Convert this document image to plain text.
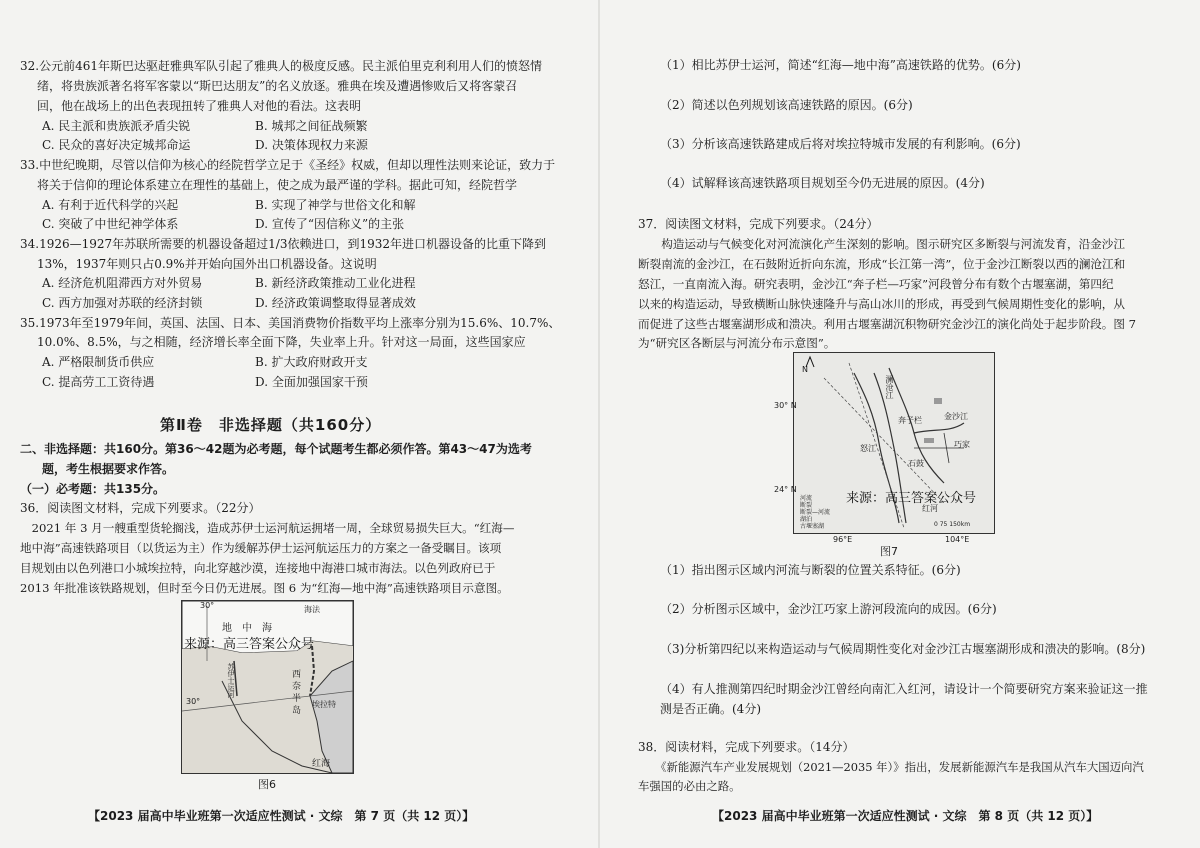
32.公元前461年斯巴达驱赶雅典军队引起了雅典人的极度反感。民主派伯里克利利用人们的愤怒情
绪，将贵族派著名将军客蒙以“斯巴达朋友”的名义放逐。雅典在埃及遭遇惨败后又将客蒙召
回，他在战场上的出色表现扭转了雅典人对他的看法。这表明
A. 民主派和贵族派矛盾尖锐	B. 城邦之间征战频繁
C. 民众的喜好决定城邦命运	D. 决策体现权力来源
33.中世纪晚期，尽管以信仰为核心的经院哲学立足于《圣经》权威，但却以理性法则来论证，致力于
将关于信仰的理论体系建立在理性的基础上，使之成为最严谨的学科。据此可知，经院哲学
A. 有利于近代科学的兴起	B. 实现了神学与世俗文化和解
C. 突破了中世纪神学体系	D. 宣传了“因信称义”的主张
34.1926—1927年苏联所需要的机器设备超过1/3依赖进口，到1932年进口机器设备的比重下降到
13%，1937年则只占0.9%并开始向国外出口机器设备。这说明
A. 经济危机阻滞西方对外贸易	B. 新经济政策推动工业化进程
C. 西方加强对苏联的经济封锁	D. 经济政策调整取得显著成效
35.1973年至1979年间，英国、法国、日本、美国消费物价指数平均上涨率分别为15.6%、10.7%、
10.0%、8.5%，与之相随，经济增长率全面下降，失业率上升。针对这一局面，这些国家应
A. 严格限制货币供应	B. 扩大政府财政开支
C. 提高劳工工资待遇	D. 全面加强国家干预
第Ⅱ卷　非选择题（共160分）
二、非选择题：共160分。第36～42题为必考题，每个试题考生都必须作答。第43～47为选考
题，考生根据要求作答。
（一）必考题：共135分。
36．阅读图文材料，完成下列要求。（22分）
　2021 年 3 月一艘重型货轮搁浅，造成苏伊士运河航运拥堵一周，全球贸易损失巨大。“红海—
地中海”高速铁路项目（以货运为主）作为缓解苏伊士运河航运压力的方案之一备受瞩目。该项
目规划由以色列港口小城埃拉特，向北穿越沙漠，连接地中海港口城市海法。以色列政府已于
2013 年批准该铁路规划，但时至今日仍无进展。图 6 为“红海—地中海”高速铁路项目示意图。
30°
30°
地　中　海
海法
西
奈
半
岛
埃拉特
红海
苏伊士运河
来源：高三答案公众号
图6
【2023 届高中毕业班第一次适应性测试 · 文综　第 7 页（共 12 页）】
（1）相比苏伊士运河，简述“红海—地中海”高速铁路的优势。(6分)
（2）简述以色列规划该高速铁路的原因。(6分)
（3）分析该高速铁路建成后将对埃拉特城市发展的有利影响。(6分)
（4）试解释该高速铁路项目规划至今仍无进展的原因。(4分)
37．阅读图文材料，完成下列要求。（24分）
　　构造运动与气候变化对河流演化产生深刻的影响。图示研究区多断裂与河流发育，沿金沙江
断裂南流的金沙江，在石鼓附近折向东流，形成“长江第一湾”，位于金沙江断裂以西的澜沧江和
怒江，一直南流入海。研究表明，金沙江“奔子栏—巧家”河段曾分布有数个古堰塞湖，第四纪
以来的构造运动，导致横断山脉快速隆升与高山冰川的形成，再受到气候周期性变化的影响，从
而促进了这些古堰塞湖形成和溃决。利用古堰塞湖沉积物研究金沙江的演化尚处于起步阶段。图 7
为“研究区各断层与河流分布示意图”。
N
30° N
24° N
金沙江
奔子栏
石鼓
巧家
怒江
澜沧江
红河
0 75 150km
河流
断裂
断裂—河流
湖泊
古堰塞湖
96°E	104°E
来源：高三答案公众号
图7
（1）指出图示区域内河流与断裂的位置关系特征。(6分)
（2）分析图示区域中，金沙江巧家上游河段流向的成因。(6分)
（3)分析第四纪以来构造运动与气候周期性变化对金沙江古堰塞湖形成和溃决的影响。(8分)
（4）有人推测第四纪时期金沙江曾经向南汇入红河，请设计一个简要研究方案来验证这一推
测是否正确。(4分)
38．阅读材料，完成下列要求。（14分）
　　《新能源汽车产业发展规划（2021—2035 年）》指出，发展新能源汽车是我国从汽车大国迈向汽
车强国的必由之路。
【2023 届高中毕业班第一次适应性测试 · 文综　第 8 页（共 12 页）】
